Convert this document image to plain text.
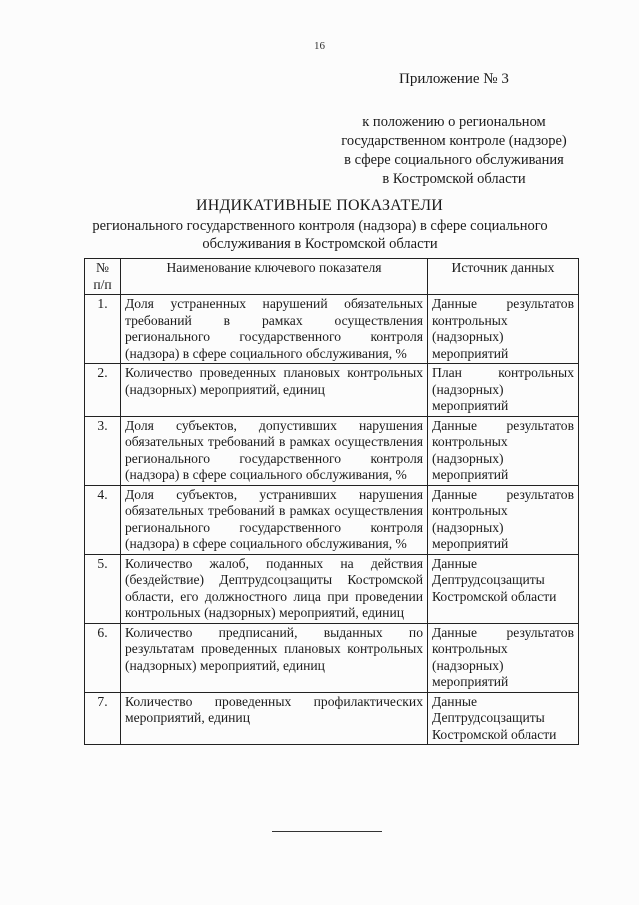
16
Приложение № 3
к положению о региональном
государственном контроле (надзоре)
в сфере социального обслуживания
в Костромской области
ИНДИКАТИВНЫЕ ПОКАЗАТЕЛИ
регионального государственного контроля (надзора) в сфере социального обслуживания в Костромской области
№ п/п	Наименование ключевого показателя	Источник данных
1.	Доля устраненных нарушений обязательных требований в рамках осуществления регионального государственного контроля (надзора) в сфере социального обслуживания, %	Данные результатов контрольных (надзорных) мероприятий
2.	Количество проведенных плановых контрольных (надзорных) мероприятий, единиц	План контрольных (надзорных) мероприятий
3.	Доля субъектов, допустивших нарушения обязательных требований в рамках осуществления регионального государственного контроля (надзора) в сфере социального обслуживания, %	Данные результатов контрольных (надзорных) мероприятий
4.	Доля субъектов, устранивших нарушения обязательных требований в рамках осуществления регионального государственного контроля (надзора) в сфере социального обслуживания, %	Данные результатов контрольных (надзорных) мероприятий
5.	Количество жалоб, поданных на действия (бездействие) Дептрудсоцзащиты Костромской области, его должностного лица при проведении контрольных (надзорных) мероприятий, единиц	Данные Дептрудсоцзащиты Костромской области
6.	Количество предписаний, выданных по результатам проведенных плановых контрольных (надзорных) мероприятий, единиц	Данные результатов контрольных (надзорных) мероприятий
7.	Количество проведенных профилактических мероприятий, единиц	Данные Дептрудсоцзащиты Костромской области
